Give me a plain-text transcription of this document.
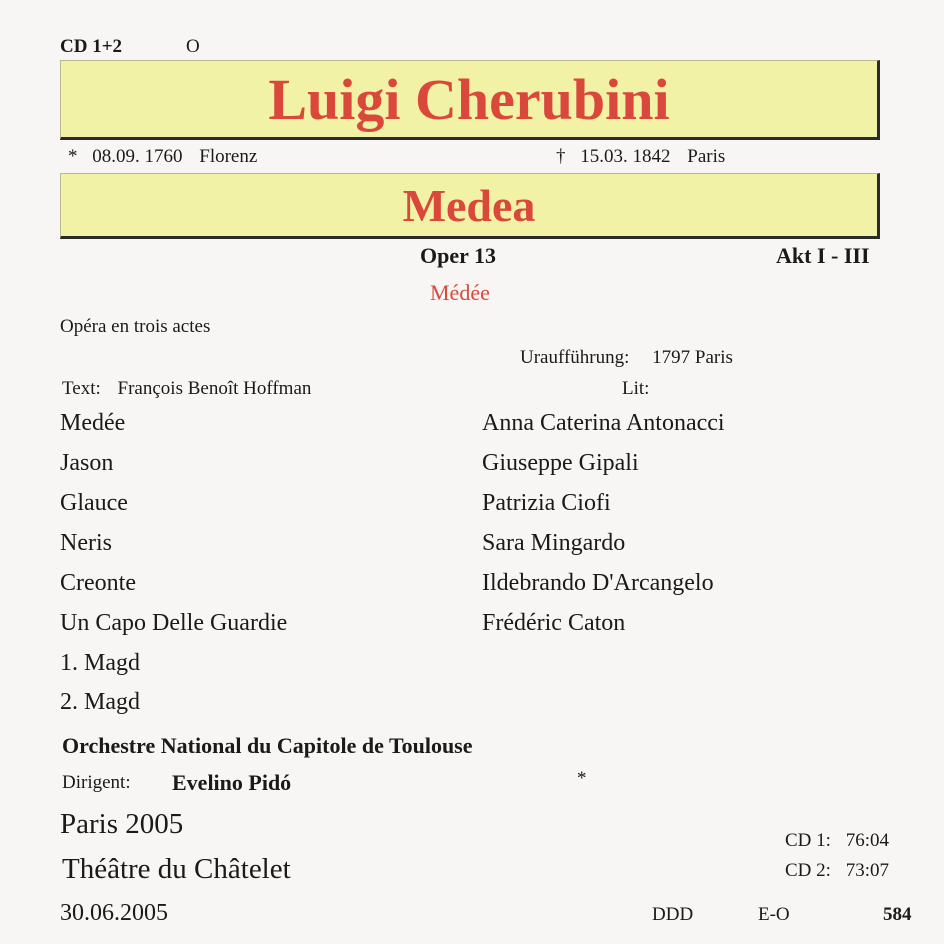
CD 1+2	O
Luigi Cherubini
* 08.09. 1760 Florenz	† 15.03. 1842 Paris
Medea
Oper 13	Akt I - III
Médée
Opéra en trois actes
Uraufführung: 1797 Paris
Text: François Benoît Hoffman	Lit:
Medée	Anna Caterina Antonacci
Jason	Giuseppe Gipali
Glauce	Patrizia Ciofi
Neris	Sara Mingardo
Creonte	Ildebrando D'Arcangelo
Un Capo Delle Guardie	Frédéric Caton
1. Magd
2. Magd
Orchestre National du Capitole de Toulouse
Dirigent: Evelino Pidó	*
Paris 2005
Théâtre du Châtelet
30.06.2005
CD 1: 76:04
CD 2: 73:07
DDD	E-O	584
